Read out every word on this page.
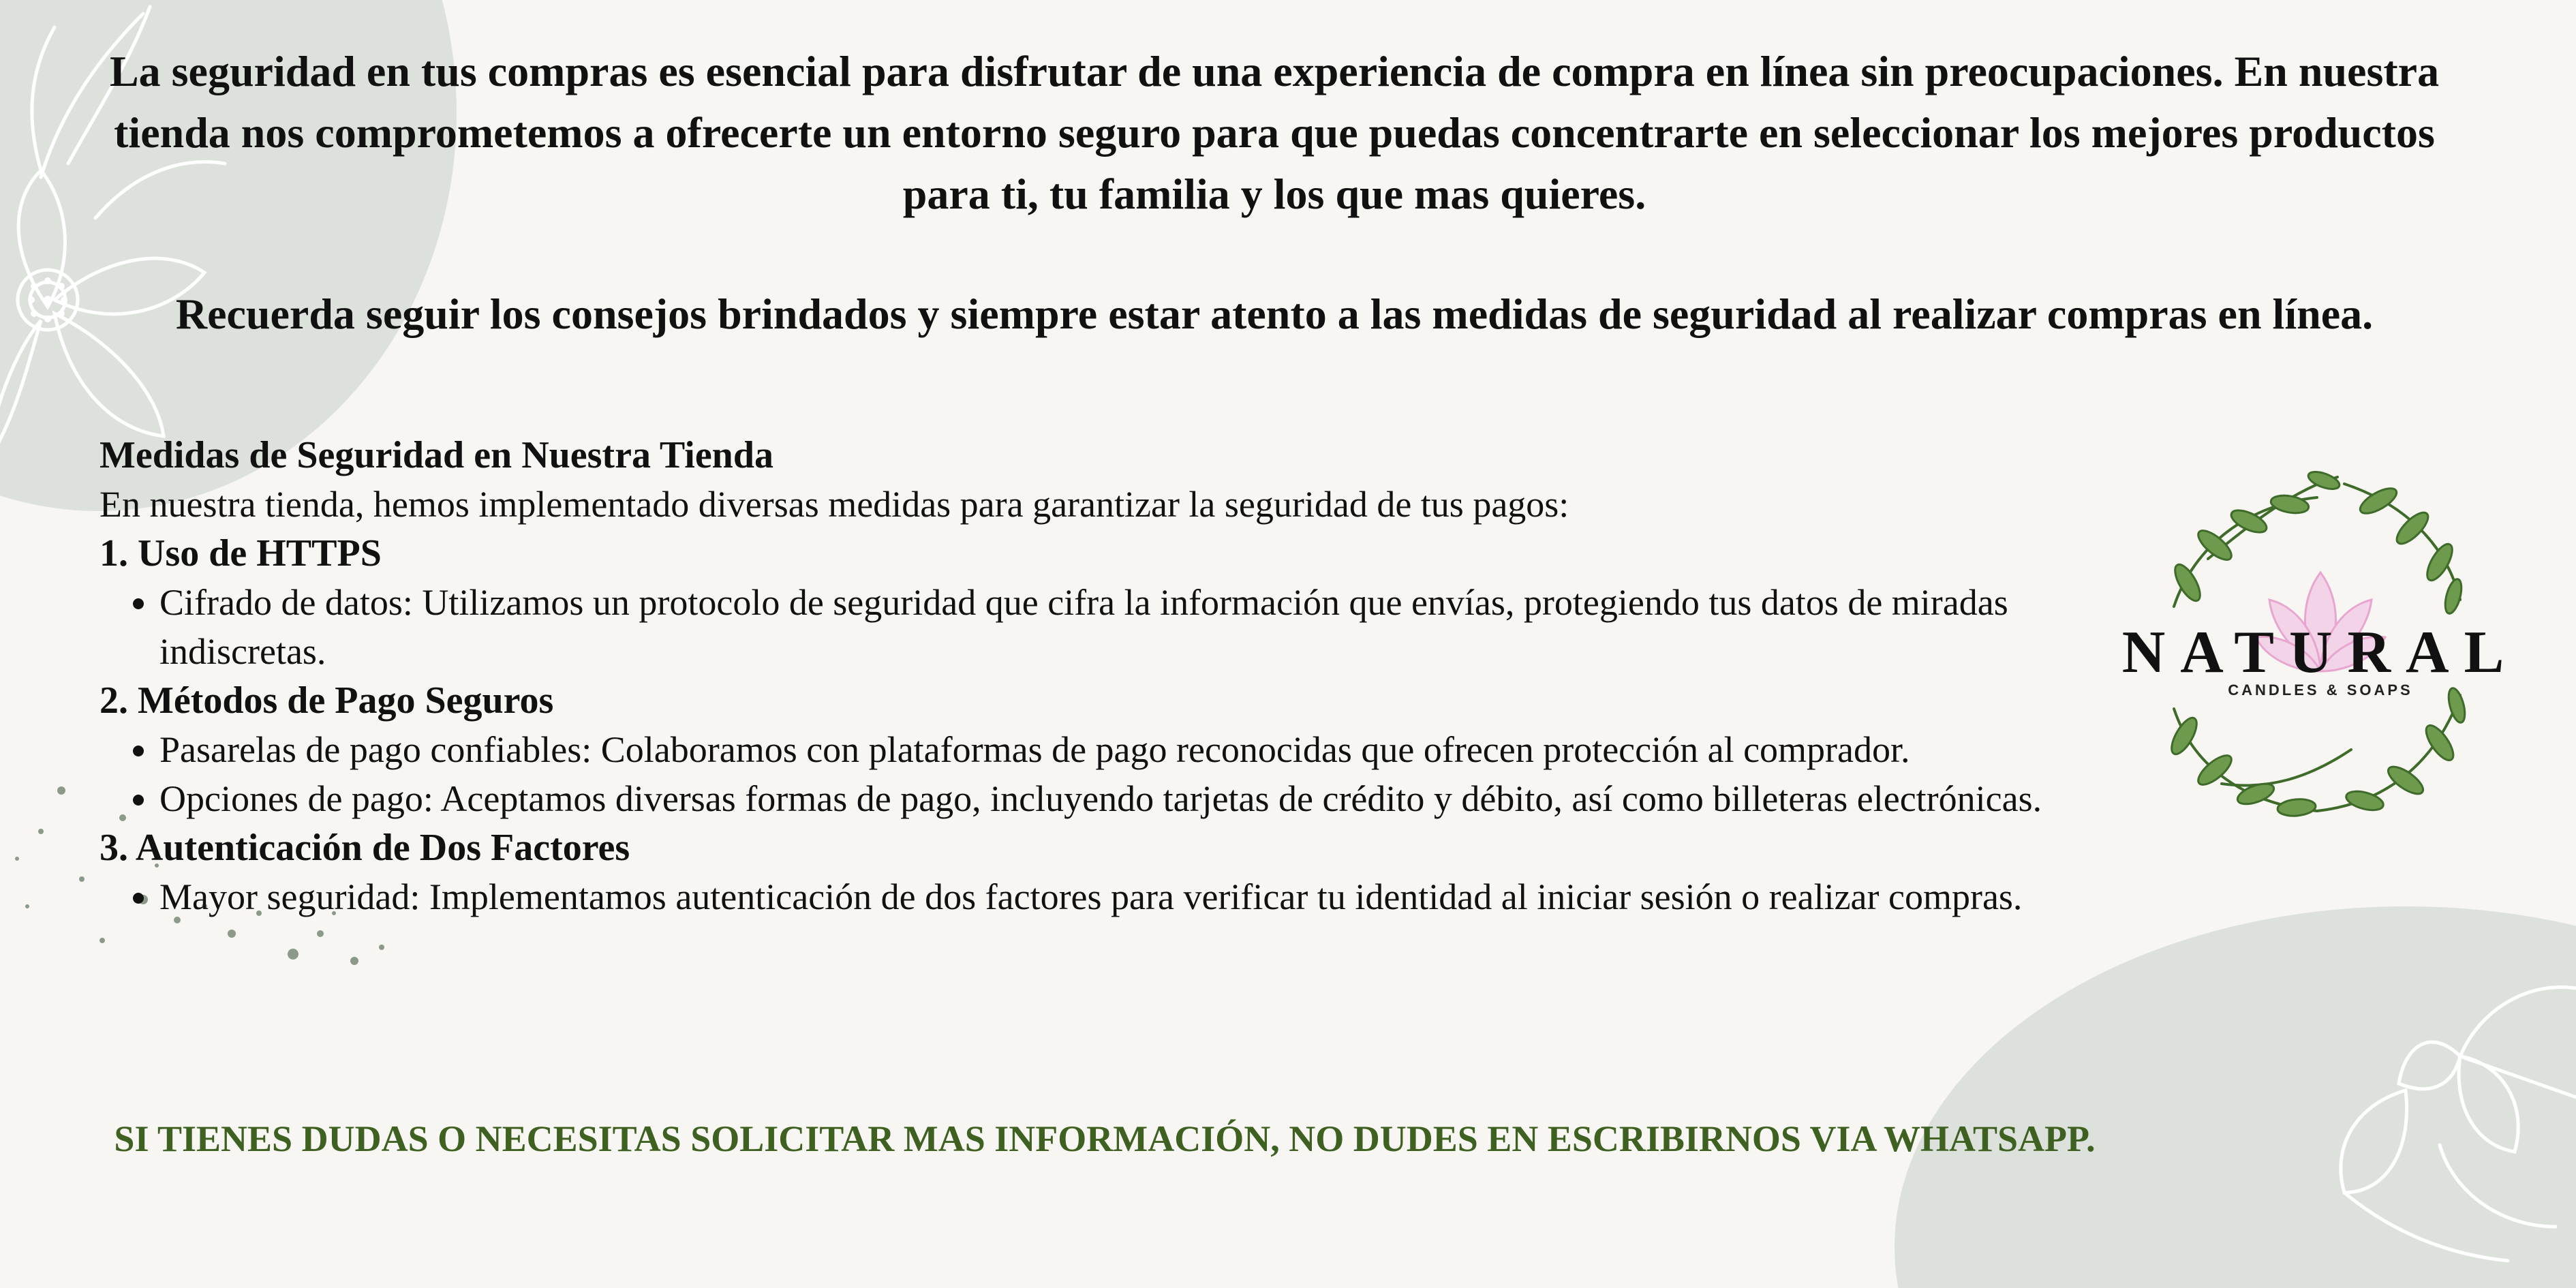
La seguridad en tus compras es esencial para disfrutar de una experiencia de compra en línea sin preocupaciones. En nuestra tienda nos comprometemos a ofrecerte un entorno seguro para que puedas concentrarte en seleccionar los mejores productos para ti, tu familia y los que mas quieres.

Recuerda seguir los consejos brindados y siempre estar atento a las medidas de seguridad al realizar compras en línea.

Medidas de Seguridad en Nuestra Tienda

En nuestra tienda, hemos implementado diversas medidas para garantizar la seguridad de tus pagos:

1. Uso de HTTPS
• Cifrado de datos: Utilizamos un protocolo de seguridad que cifra la información que envías, protegiendo tus datos de miradas indiscretas.
2. Métodos de Pago Seguros
• Pasarelas de pago confiables: Colaboramos con plataformas de pago reconocidas que ofrecen protección al comprador.
• Opciones de pago: Aceptamos diversas formas de pago, incluyendo tarjetas de crédito y débito, así como billeteras electrónicas.
3. Autenticación de Dos Factores
• Mayor seguridad: Implementamos autenticación de dos factores para verificar tu identidad al iniciar sesión o realizar compras.
SI TIENES DUDAS O NECESITAS SOLICITAR MAS INFORMACIÓN, NO DUDES EN ESCRIBIRNOS VIA WHATSAPP.
NATURAL
CANDLES & SOAPS
